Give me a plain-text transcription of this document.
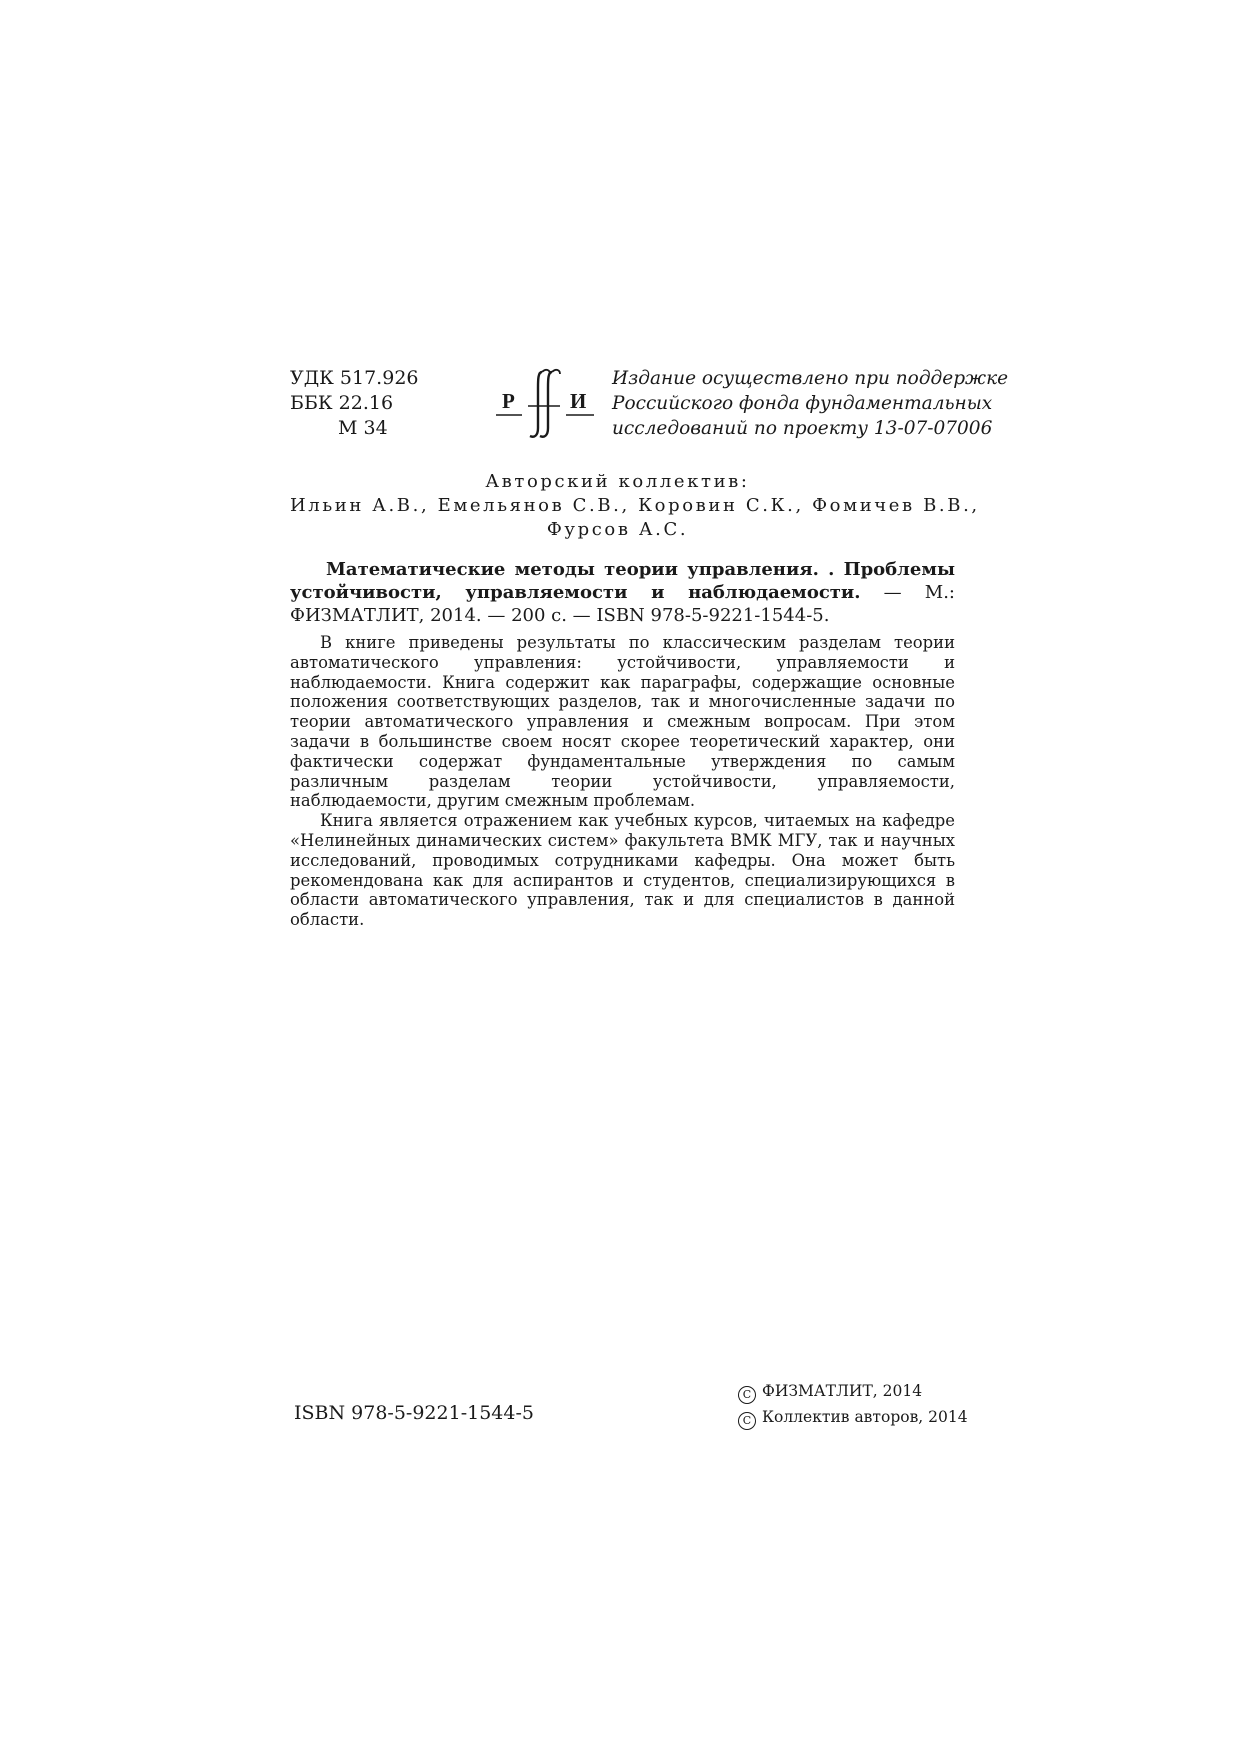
УДК 517.926
ББК 22.16
М 34
Р	И
Издание осуществлено при поддержке
Российского фонда фундаментальных
исследований по проекту 13-07-07006
Авторский коллектив:
Ильин А.В., Емельянов С.В., Коровин С.К., Фомичев В.В.,
Фурсов А.С.

Математические методы теории управления. . Проблемы устойчивости, управляемости и наблюдаемости. — М.: ФИЗМАТЛИТ, 2014. — 200 с. — ISBN 978-5-9221-1544-5.

В книге приведены результаты по классическим разделам теории автоматического управления: устойчивости, управляемости и наблюдаемости. Книга содержит как параграфы, содержащие основные положения соответствующих разделов, так и многочисленные задачи по теории автоматического управления и смежным вопросам. При этом задачи в большинстве своем носят скорее теоретический характер, они фактически содержат фундаментальные утверждения по самым различным разделам теории устойчивости, управляемости, наблюдаемости, другим смежным проблемам.

Книга является отражением как учебных курсов, читаемых на кафедре «Нелинейных динамических систем» факультета ВМК МГУ, так и научных исследований, проводимых сотрудниками кафедры. Она может быть рекомендована как для аспирантов и студентов, специализирующихся в области автоматического управления, так и для специалистов в данной области.

ISBN 978-5-9221-1544-5
C ФИЗМАТЛИТ, 2014
C Коллектив авторов, 2014
